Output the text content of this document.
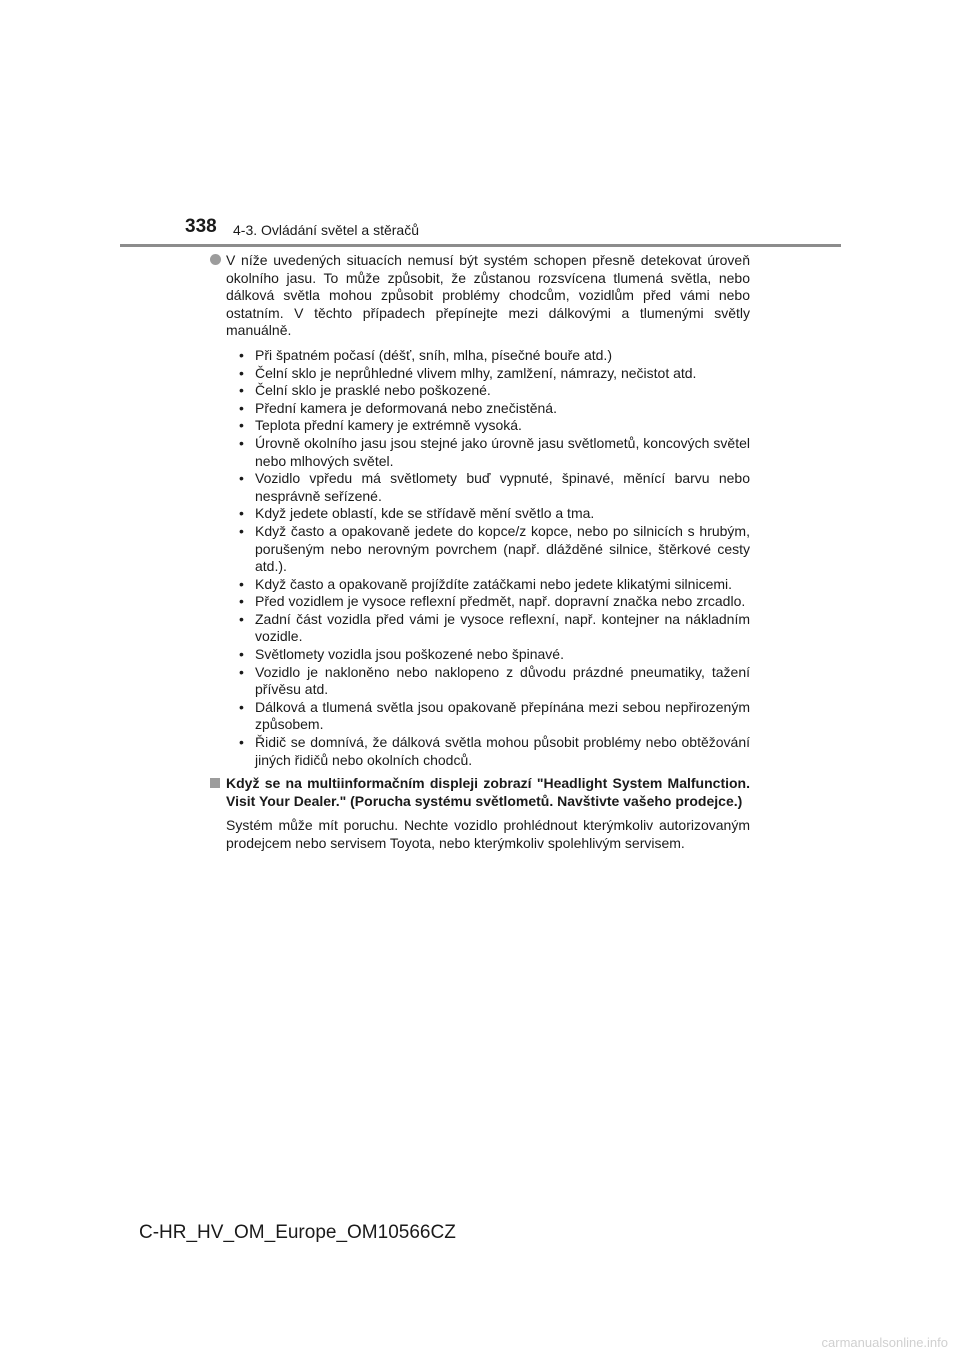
338 4-3. Ovládání světel a stěračů
V níže uvedených situacích nemusí být systém schopen přesně detekovat úroveň okolního jasu. To může způsobit, že zůstanou rozsvícena tlumená světla, nebo dálková světla mohou způsobit problémy chodcům, vozidlům před vámi nebo ostatním. V těchto případech přepínejte mezi dálkovými a tlumenými světly manuálně.
• Při špatném počasí (déšť, sníh, mlha, písečné bouře atd.)
• Čelní sklo je neprůhledné vlivem mlhy, zamlžení, námrazy, nečistot atd.
• Čelní sklo je prasklé nebo poškozené.
• Přední kamera je deformovaná nebo znečistěná.
• Teplota přední kamery je extrémně vysoká.
• Úrovně okolního jasu jsou stejné jako úrovně jasu světlometů, koncových světel nebo mlhových světel.
• Vozidlo vpředu má světlomety buď vypnuté, špinavé, měnící barvu nebo nesprávně seřízené.
• Když jedete oblastí, kde se střídavě mění světlo a tma.
• Když často a opakovaně jedete do kopce/z kopce, nebo po silnicích s hrubým, porušeným nebo nerovným povrchem (např. dlážděné silnice, štěrkové cesty atd.).
• Když často a opakovaně projíždíte zatáčkami nebo jedete klikatými silnicemi.
• Před vozidlem je vysoce reflexní předmět, např. dopravní značka nebo zrcadlo.
• Zadní část vozidla před vámi je vysoce reflexní, např. kontejner na nákladním vozidle.
• Světlomety vozidla jsou poškozené nebo špinavé.
• Vozidlo je nakloněno nebo naklopeno z důvodu prázdné pneumatiky, tažení přívěsu atd.
• Dálková a tlumená světla jsou opakovaně přepínána mezi sebou nepřirozeným způsobem.
• Řidič se domnívá, že dálková světla mohou působit problémy nebo obtěžování jiných řidičů nebo okolních chodců.
Když se na multiinformačním displeji zobrazí "Headlight System Malfunction. Visit Your Dealer." (Porucha systému světlometů. Navštivte vašeho prodejce.)
Systém může mít poruchu. Nechte vozidlo prohlédnout kterýmkoliv autorizovaným prodejcem nebo servisem Toyota, nebo kterýmkoliv spolehlivým servisem.
C-HR_HV_OM_Europe_OM10566CZ
carmanualsonline.info
